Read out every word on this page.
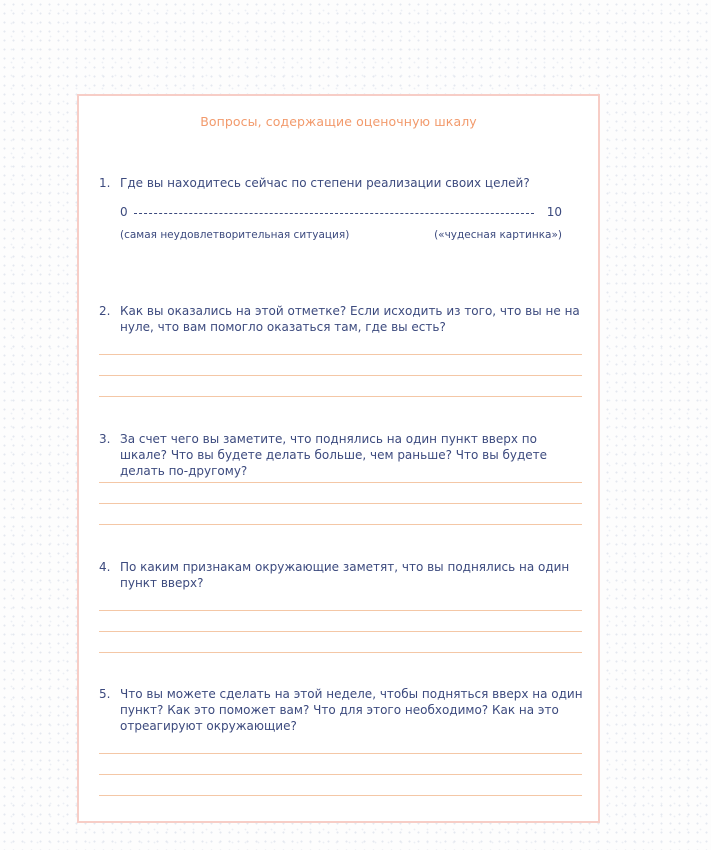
Вопросы, содержащие оценочную шкалу
1. Где вы находитесь сейчас по степени реализации своих целей?
0	10
(самая неудовлетворительная ситуация)	(«чудесная картинка»)
2. Как вы оказались на этой отметке? Если исходить из того, что вы не на нуле, что вам помогло оказаться там, где вы есть?
3. За счет чего вы заметите, что поднялись на один пункт вверх по шкале? Что вы будете делать больше, чем раньше? Что вы будете делать по-другому?
4. По каким признакам окружающие заметят, что вы поднялись на один пункт вверх?
5. Что вы можете сделать на этой неделе, чтобы подняться вверх на один пункт? Как это поможет вам? Что для этого необходимо? Как на это отреагируют окружающие?
